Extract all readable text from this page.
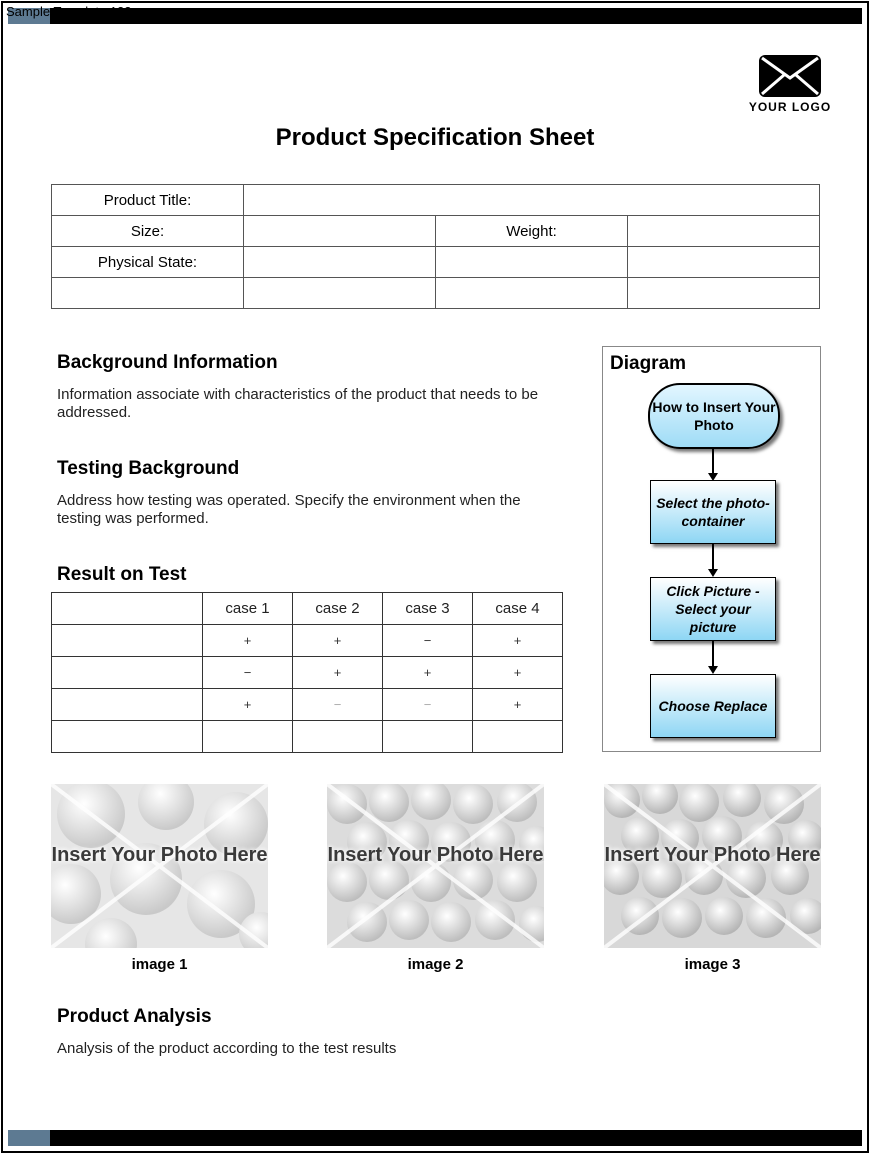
Sample Template 123
YOUR LOGO
Product Specification Sheet
Product Title:			
Size:		Weight:	
Physical State:			

Background Information
Information associate with characteristics of the product that needs to be addressed.
Testing Background
Address how testing was operated. Specify the environment when the testing was performed.
Result on Test
	case 1	case 2	case 3	case 4
	+	+	−	+
	−	+	+	+
	+	−	−	+

Diagram
How to Insert Your Photo
Select the photo-container
Click Picture - Select your picture
Choose Replace
Insert Your Photo Here
image 1
Insert Your Photo Here
image 2
Insert Your Photo Here
image 3
Product Analysis
Analysis of the product according to the test results
